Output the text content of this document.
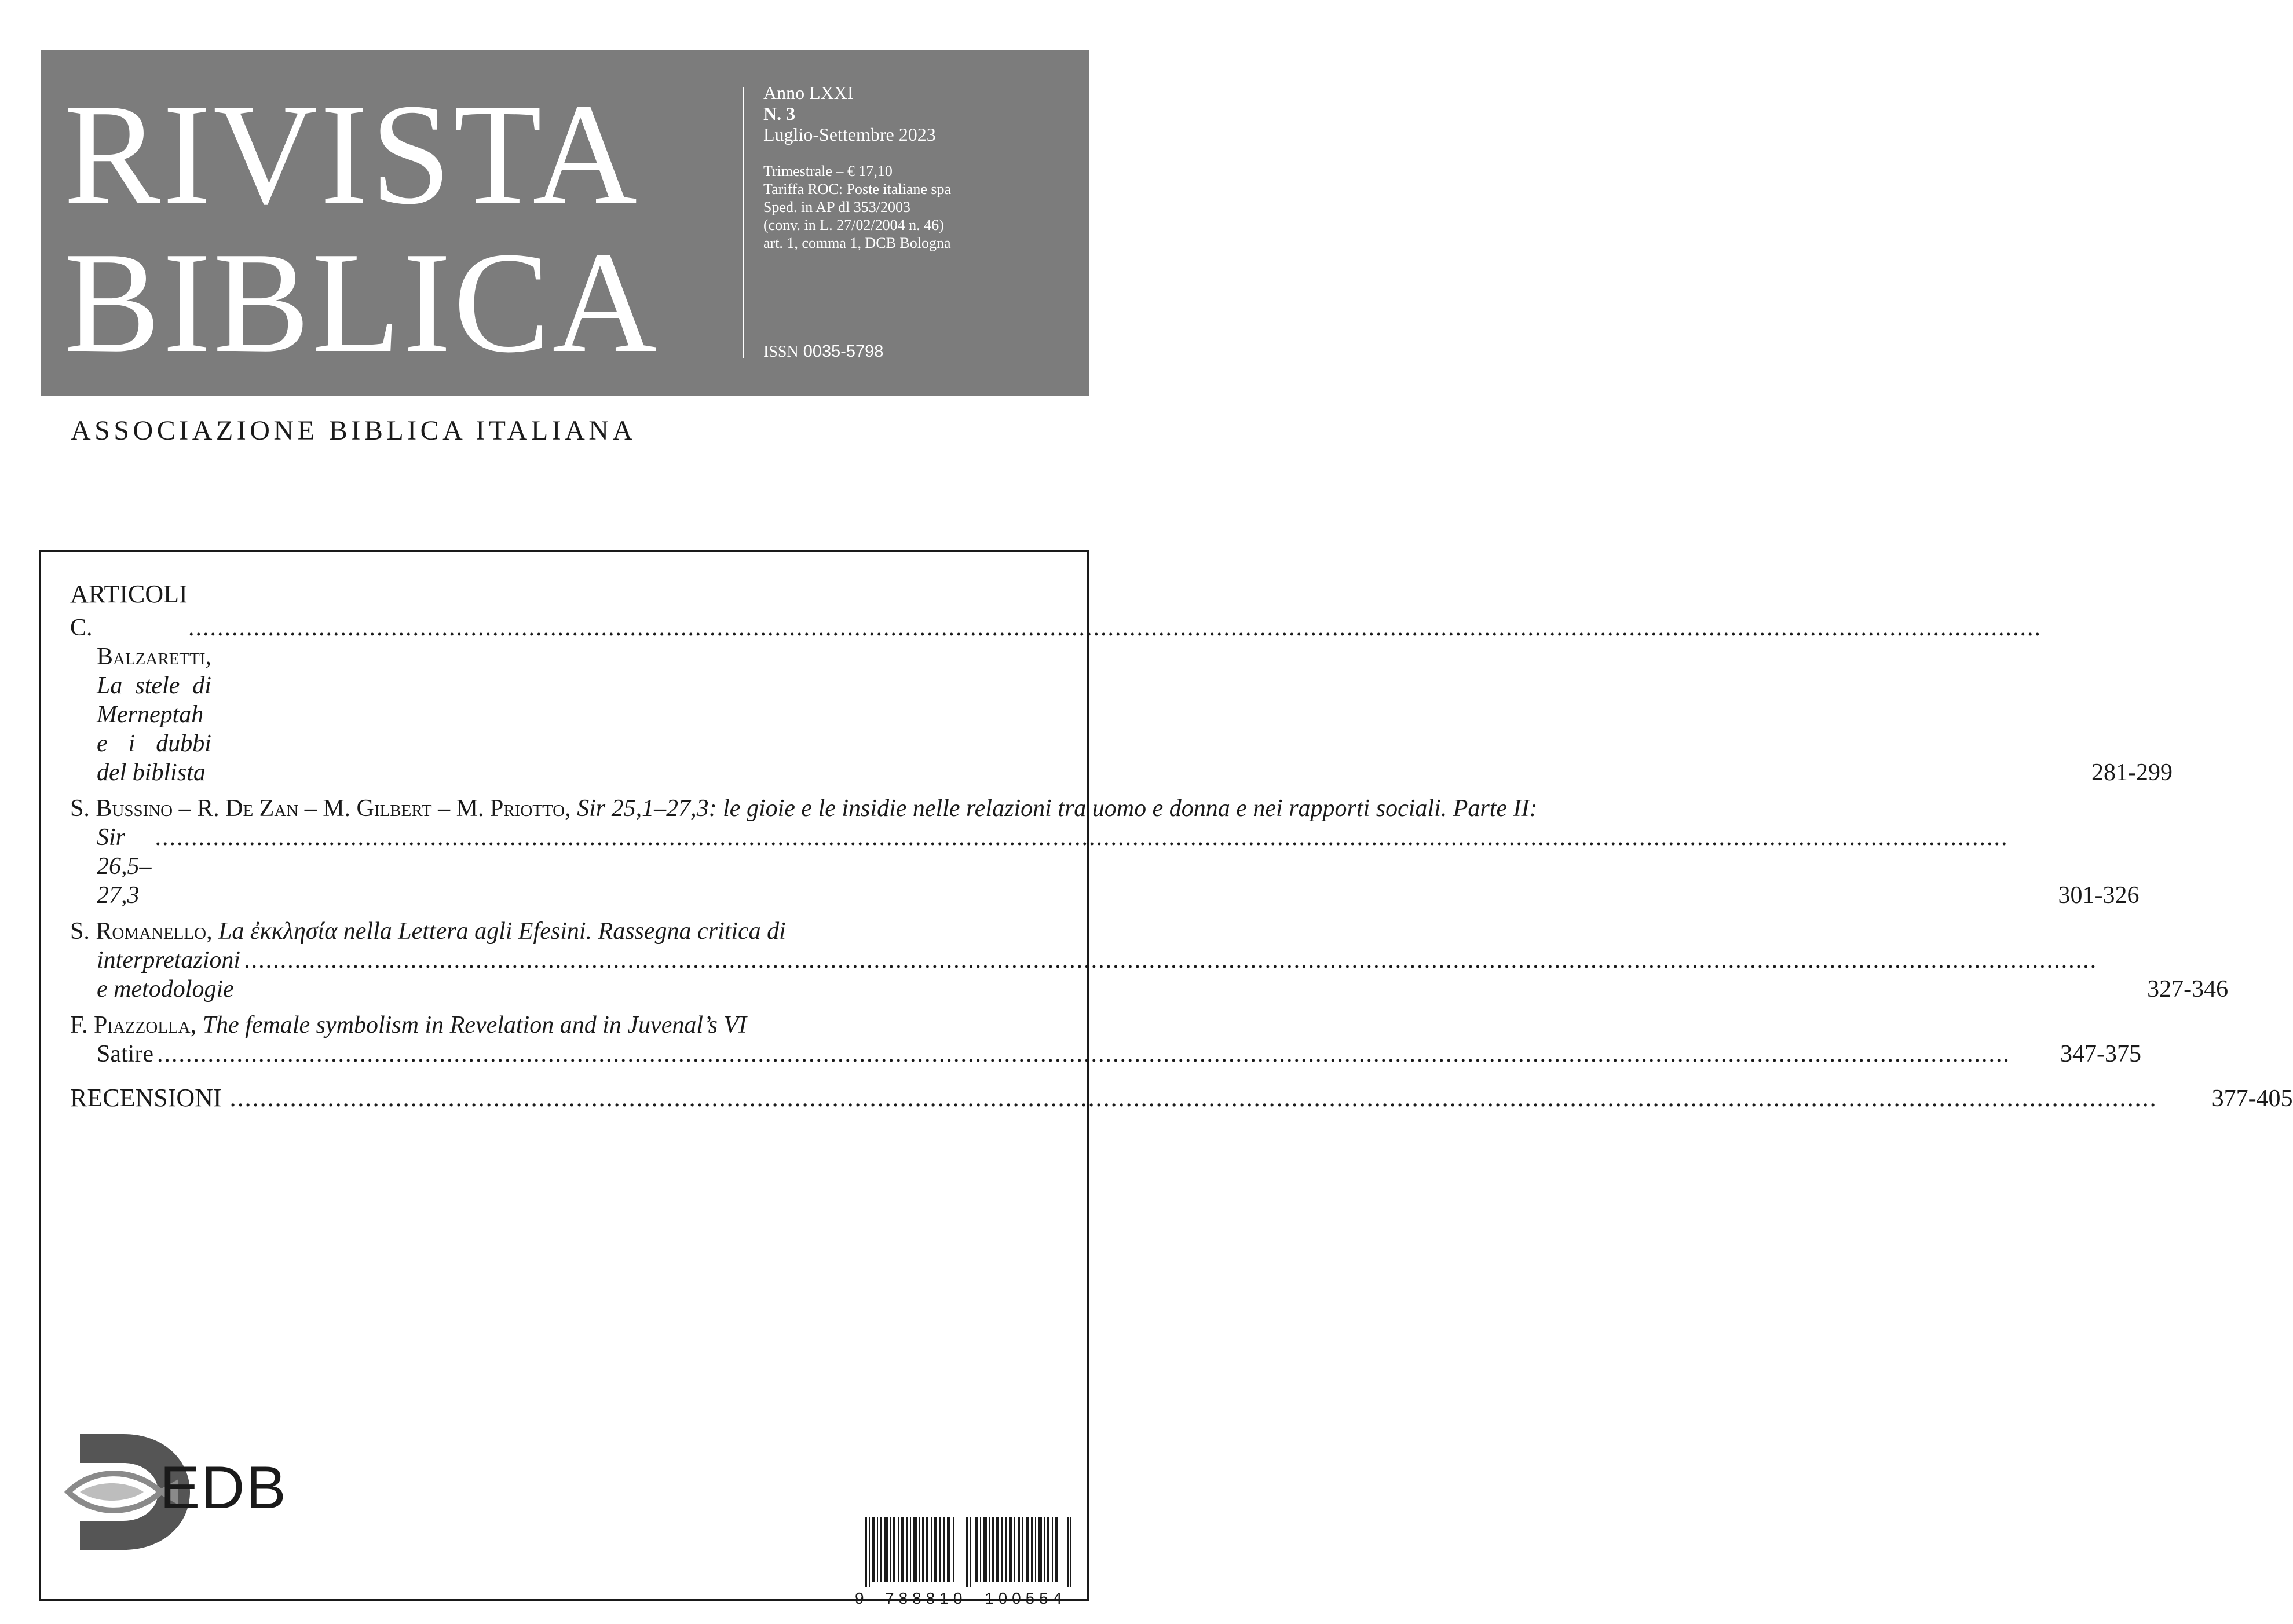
RIVISTA
BIBLICA
Anno LXXI
N. 3
Luglio-Settembre 2023
Trimestrale – € 17,10
Tariffa ROC: Poste italiane spa
Sped. in AP dl 353/2003
(conv. in L. 27/02/2004 n. 46)
art. 1, comma 1, DCB Bologna
ISSN 0035-5798
ASSOCIAZIONE BIBLICA ITALIANA
ARTICOLI
C. Balzaretti, La stele di Merneptah e i dubbi del biblista
.....	281-299
S. Bussino – R. De Zan – M. Gilbert – M. Priotto, Sir 25,1–27,3: le gioie e le insidie nelle relazioni tra uomo e donna e nei rapporti sociali. Parte II:
Sir 26,5–27,3
.....	301-326
S. Romanello, La ἐκκλησία nella Lettera agli Efesini. Rassegna critica di
interpretazioni e metodologie
.....	327-346
F. Piazzolla, The female symbolism in Revelation and in Juvenal’s VI
Satire .....	347-375
RECENSIONI .....	377-405
EDB
9 788810 100554
